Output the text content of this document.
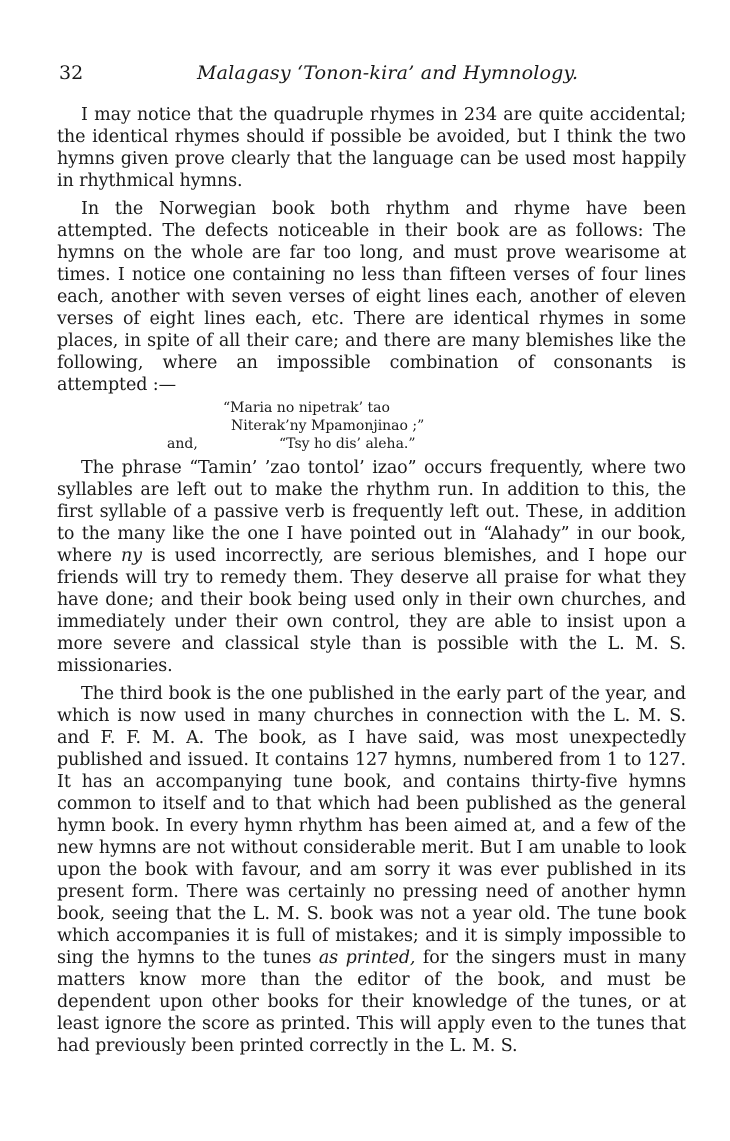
32	Malagasy ‘Tonon-kira’ and Hymnology.

I may notice that the quadruple rhymes in 234 are quite accidental; the identical rhymes should if possible be avoided, but I think the two hymns given prove clearly that the language can be used most happily in rhythmical hymns.

In the Norwegian book both rhythm and rhyme have been attempted. The defects noticeable in their book are as follows: The hymns on the whole are far too long, and must prove wearisome at times. I notice one containing no less than fifteen verses of four lines each, another with seven verses of eight lines each, another of eleven verses of eight lines each, etc. There are identical rhymes in some places, in spite of all their care; and there are many blemishes like the following, where an impossible combination of consonants is attempted :—

“Maria no nipetrak’ tao
Niterak’ny Mpamonjinao ;”
and,	“Tsy ho dis’ aleha.”

The phrase “Tamin’ ’zao tontol’ izao” occurs frequently, where two syllables are left out to make the rhythm run. In addition to this, the first syllable of a passive verb is frequently left out. These, in addition to the many like the one I have pointed out in “Alahady” in our book, where ny is used incorrectly, are serious blemishes, and I hope our friends will try to remedy them. They deserve all praise for what they have done; and their book being used only in their own churches, and immediately under their own control, they are able to insist upon a more severe and classical style than is possible with the L. M. S. missionaries.

The third book is the one published in the early part of the year, and which is now used in many churches in connection with the L. M. S. and F. F. M. A. The book, as I have said, was most unexpectedly published and issued. It contains 127 hymns, numbered from 1 to 127. It has an accompanying tune book, and contains thirty-five hymns common to itself and to that which had been published as the general hymn book. In every hymn rhythm has been aimed at, and a few of the new hymns are not without considerable merit. But I am unable to look upon the book with favour, and am sorry it was ever published in its present form. There was certainly no pressing need of another hymn book, seeing that the L. M. S. book was not a year old. The tune book which accompanies it is full of mistakes; and it is simply impossible to sing the hymns to the tunes as printed, for the singers must in many matters know more than the editor of the book, and must be dependent upon other books for their knowledge of the tunes, or at least ignore the score as printed. This will apply even to the tunes that had previously been printed correctly in the L. M. S.
